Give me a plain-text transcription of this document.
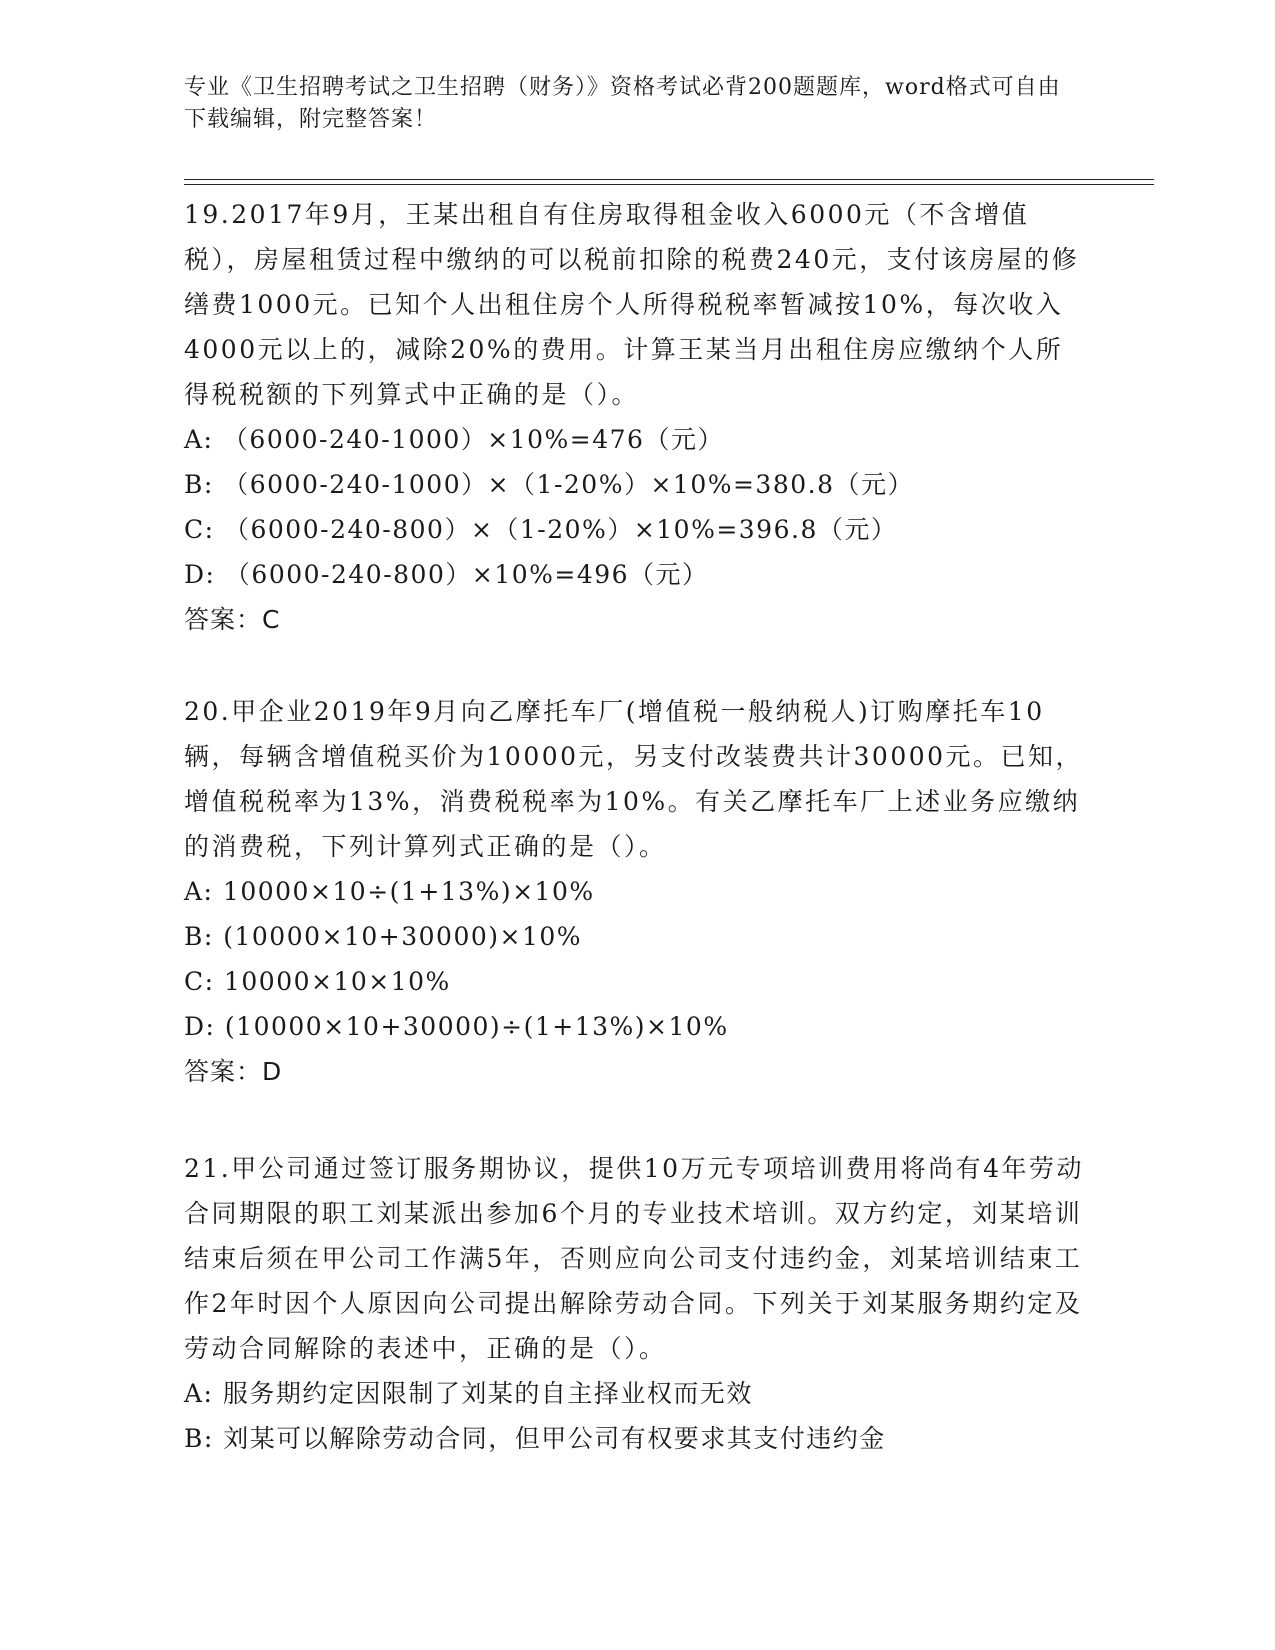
专业《卫生招聘考试之卫生招聘（财务）》资格考试必背200题题库，word格式可自由下载编辑，附完整答案！
19.2017年9月，王某出租自有住房取得租金收入6000元（不含增值税），房屋租赁过程中缴纳的可以税前扣除的税费240元，支付该房屋的修缮费1000元。已知个人出租住房个人所得税税率暂减按10%，每次收入4000元以上的，减除20%的费用。计算王某当月出租住房应缴纳个人所得税税额的下列算式中正确的是（）。
A: （6000-240-1000）×10%=476（元）
B: （6000-240-1000）×（1-20%）×10%=380.8（元）
C: （6000-240-800）×（1-20%）×10%=396.8（元）
D: （6000-240-800）×10%=496（元）
答案：C
20.甲企业2019年9月向乙摩托车厂(增值税一般纳税人)订购摩托车10辆，每辆含增值税买价为10000元，另支付改装费共计30000元。已知，增值税税率为13%，消费税税率为10%。有关乙摩托车厂上述业务应缴纳的消费税，下列计算列式正确的是（）。
A: 10000×10÷(1+13%)×10%
B: (10000×10+30000)×10%
C: 10000×10×10%
D: (10000×10+30000)÷(1+13%)×10%
答案：D
21.甲公司通过签订服务期协议，提供10万元专项培训费用将尚有4年劳动合同期限的职工刘某派出参加6个月的专业技术培训。双方约定，刘某培训结束后须在甲公司工作满5年，否则应向公司支付违约金，刘某培训结束工作2年时因个人原因向公司提出解除劳动合同。下列关于刘某服务期约定及劳动合同解除的表述中，正确的是（）。
A: 服务期约定因限制了刘某的自主择业权而无效
B: 刘某可以解除劳动合同，但甲公司有权要求其支付违约金
